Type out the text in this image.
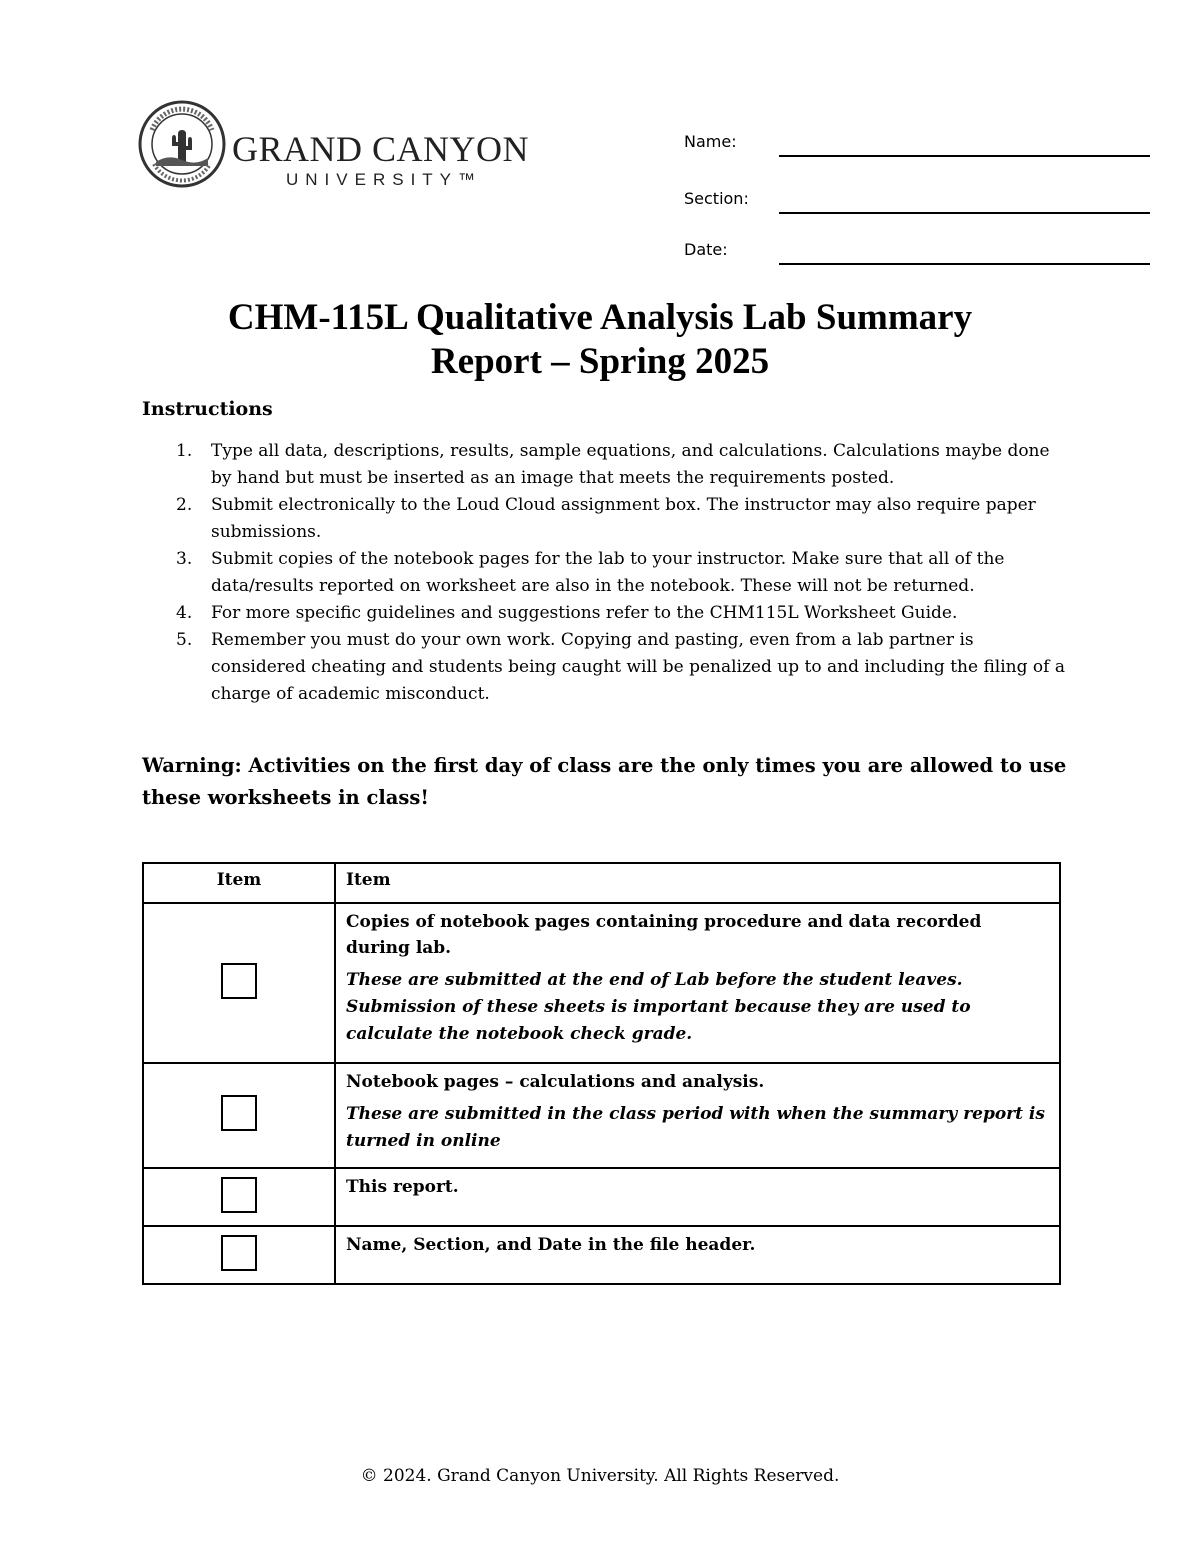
GRAND CANYON
UNIVERSITY™
Name:
Section:
Date:
CHM-115L Qualitative Analysis Lab Summary
Report – Spring 2025
Instructions
1. Type all data, descriptions, results, sample equations, and calculations. Calculations maybe done by hand but must be inserted as an image that meets the requirements posted.
2. Submit electronically to the Loud Cloud assignment box. The instructor may also require paper submissions.
3. Submit copies of the notebook pages for the lab to your instructor. Make sure that all of the data/results reported on worksheet are also in the notebook. These will not be returned.
4. For more specific guidelines and suggestions refer to the CHM115L Worksheet Guide.
5. Remember you must do your own work. Copying and pasting, even from a lab partner is considered cheating and students being caught will be penalized up to and including the filing of a charge of academic misconduct.
Warning: Activities on the first day of class are the only times you are allowed to use these worksheets in class!
Item	Item

	Copies of notebook pages containing procedure and data recorded during lab.
These are submitted at the end of Lab before the student leaves. Submission of these sheets is important because they are used to calculate the notebook check grade.

	Notebook pages – calculations and analysis.
These are submitted in the class period with when the summary report is turned in online

	This report.

	Name, Section, and Date in the file header.
© 2024. Grand Canyon University. All Rights Reserved.
